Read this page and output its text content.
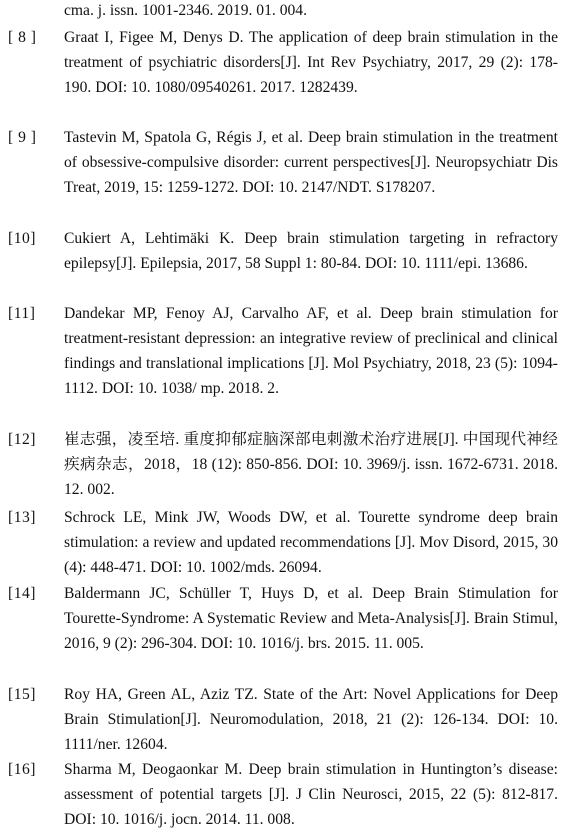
cma. j. issn. 1001-2346. 2019. 01. 004.
[ 8 ]	Graat I, Figee M, Denys D. The application of deep brain stimulation in the treatment of psychiatric disorders[J]. Int Rev Psychiatry, 2017, 29 (2): 178-190. DOI: 10. 1080/09540261. 2017. 1282439.
[ 9 ]	Tastevin M, Spatola G, Régis J, et al. Deep brain stimulation in the treatment of obsessive-compulsive disorder: current perspectives[J]. Neuropsychiatr Dis Treat, 2019, 15: 1259-1272. DOI: 10. 2147/NDT. S178207.
[10]	Cukiert A, Lehtimäki K. Deep brain stimulation targeting in refractory epilepsy[J]. Epilepsia, 2017, 58 Suppl 1: 80-84. DOI: 10. 1111/epi. 13686.
[11]	Dandekar MP, Fenoy AJ, Carvalho AF, et al. Deep brain stimulation for treatment-resistant depression: an integrative review of preclinical and clinical findings and translational implications [J]. Mol Psychiatry, 2018, 23 (5): 1094-1112. DOI: 10. 1038/ mp. 2018. 2.
[12]	崔志强，凌至培. 重度抑郁症脑深部电刺激术治疗进展[J]. 中国现代神经疾病杂志，2018，18 (12): 850-856. DOI: 10. 3969/j. issn. 1672-6731. 2018. 12. 002.
[13]	Schrock LE, Mink JW, Woods DW, et al. Tourette syndrome deep brain stimulation: a review and updated recommendations [J]. Mov Disord, 2015, 30 (4): 448-471. DOI: 10. 1002/mds. 26094.
[14]	Baldermann JC, Schüller T, Huys D, et al. Deep Brain Stimulation for Tourette-Syndrome: A Systematic Review and Meta-Analysis[J]. Brain Stimul, 2016, 9 (2): 296-304. DOI: 10. 1016/j. brs. 2015. 11. 005.
[15]	Roy HA, Green AL, Aziz TZ. State of the Art: Novel Applications for Deep Brain Stimulation[J]. Neuromodulation, 2018, 21 (2): 126-134. DOI: 10. 1111/ner. 12604.
[16]	Sharma M, Deogaonkar M. Deep brain stimulation in Huntington’s disease: assessment of potential targets [J]. J Clin Neurosci, 2015, 22 (5): 812-817. DOI: 10. 1016/j. jocn. 2014. 11. 008.
